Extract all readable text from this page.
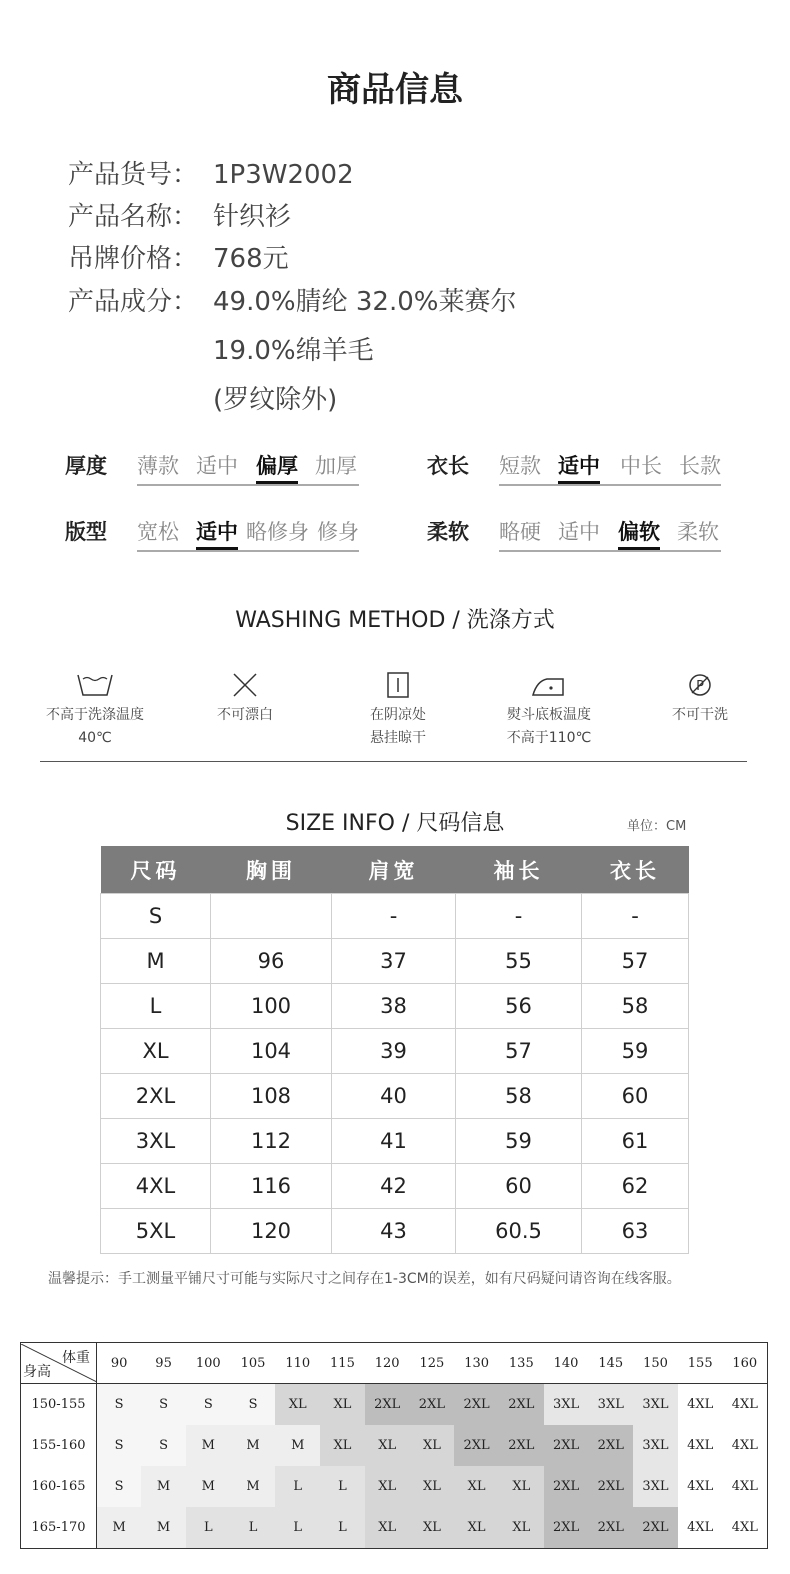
商品信息
产品货号： 1P3W2002
产品名称： 针织衫
吊牌价格： 768元
产品成分： 49.0%腈纶 32.0%莱赛尔
19.0%绵羊毛
(罗纹除外)
厚度 薄款 适中 偏厚 加厚	衣长 短款 适中 中长 长款
版型 宽松 适中 略修身 修身	柔软 略硬 适中 偏软 柔软
WASHING METHOD / 洗涤方式
不高于洗涤温度
40℃
不可漂白	在阴凉处
悬挂晾干
熨斗底板温度
不高于110℃
P
不可干洗
SIZE INFO / 尺码信息	单位：CM
尺码	胸围	肩宽	袖长	衣长
S		-	-	-
M	96	37	55	57
L	100	38	56	58
XL	104	39	57	59
2XL	108	40	58	60
3XL	112	41	59	61
4XL	116	42	60	62
5XL	120	43	60.5	63
温馨提示：手工测量平铺尺寸可能与实际尺寸之间存在1-3CM的误差，如有尺码疑问请咨询在线客服。
体重
身高	90	95	100	105	110	115	120	125	130	135	140	145	150	155	160
150-155	S	S	S	S	XL	XL	2XL	2XL	2XL	2XL	3XL	3XL	3XL	4XL	4XL
155-160	S	S	M	M	M	XL	XL	XL	2XL	2XL	2XL	2XL	3XL	4XL	4XL
160-165	S	M	M	M	L	L	XL	XL	XL	XL	2XL	2XL	3XL	4XL	4XL
165-170	M	M	L	L	L	L	XL	XL	XL	XL	2XL	2XL	2XL	4XL	4XL
